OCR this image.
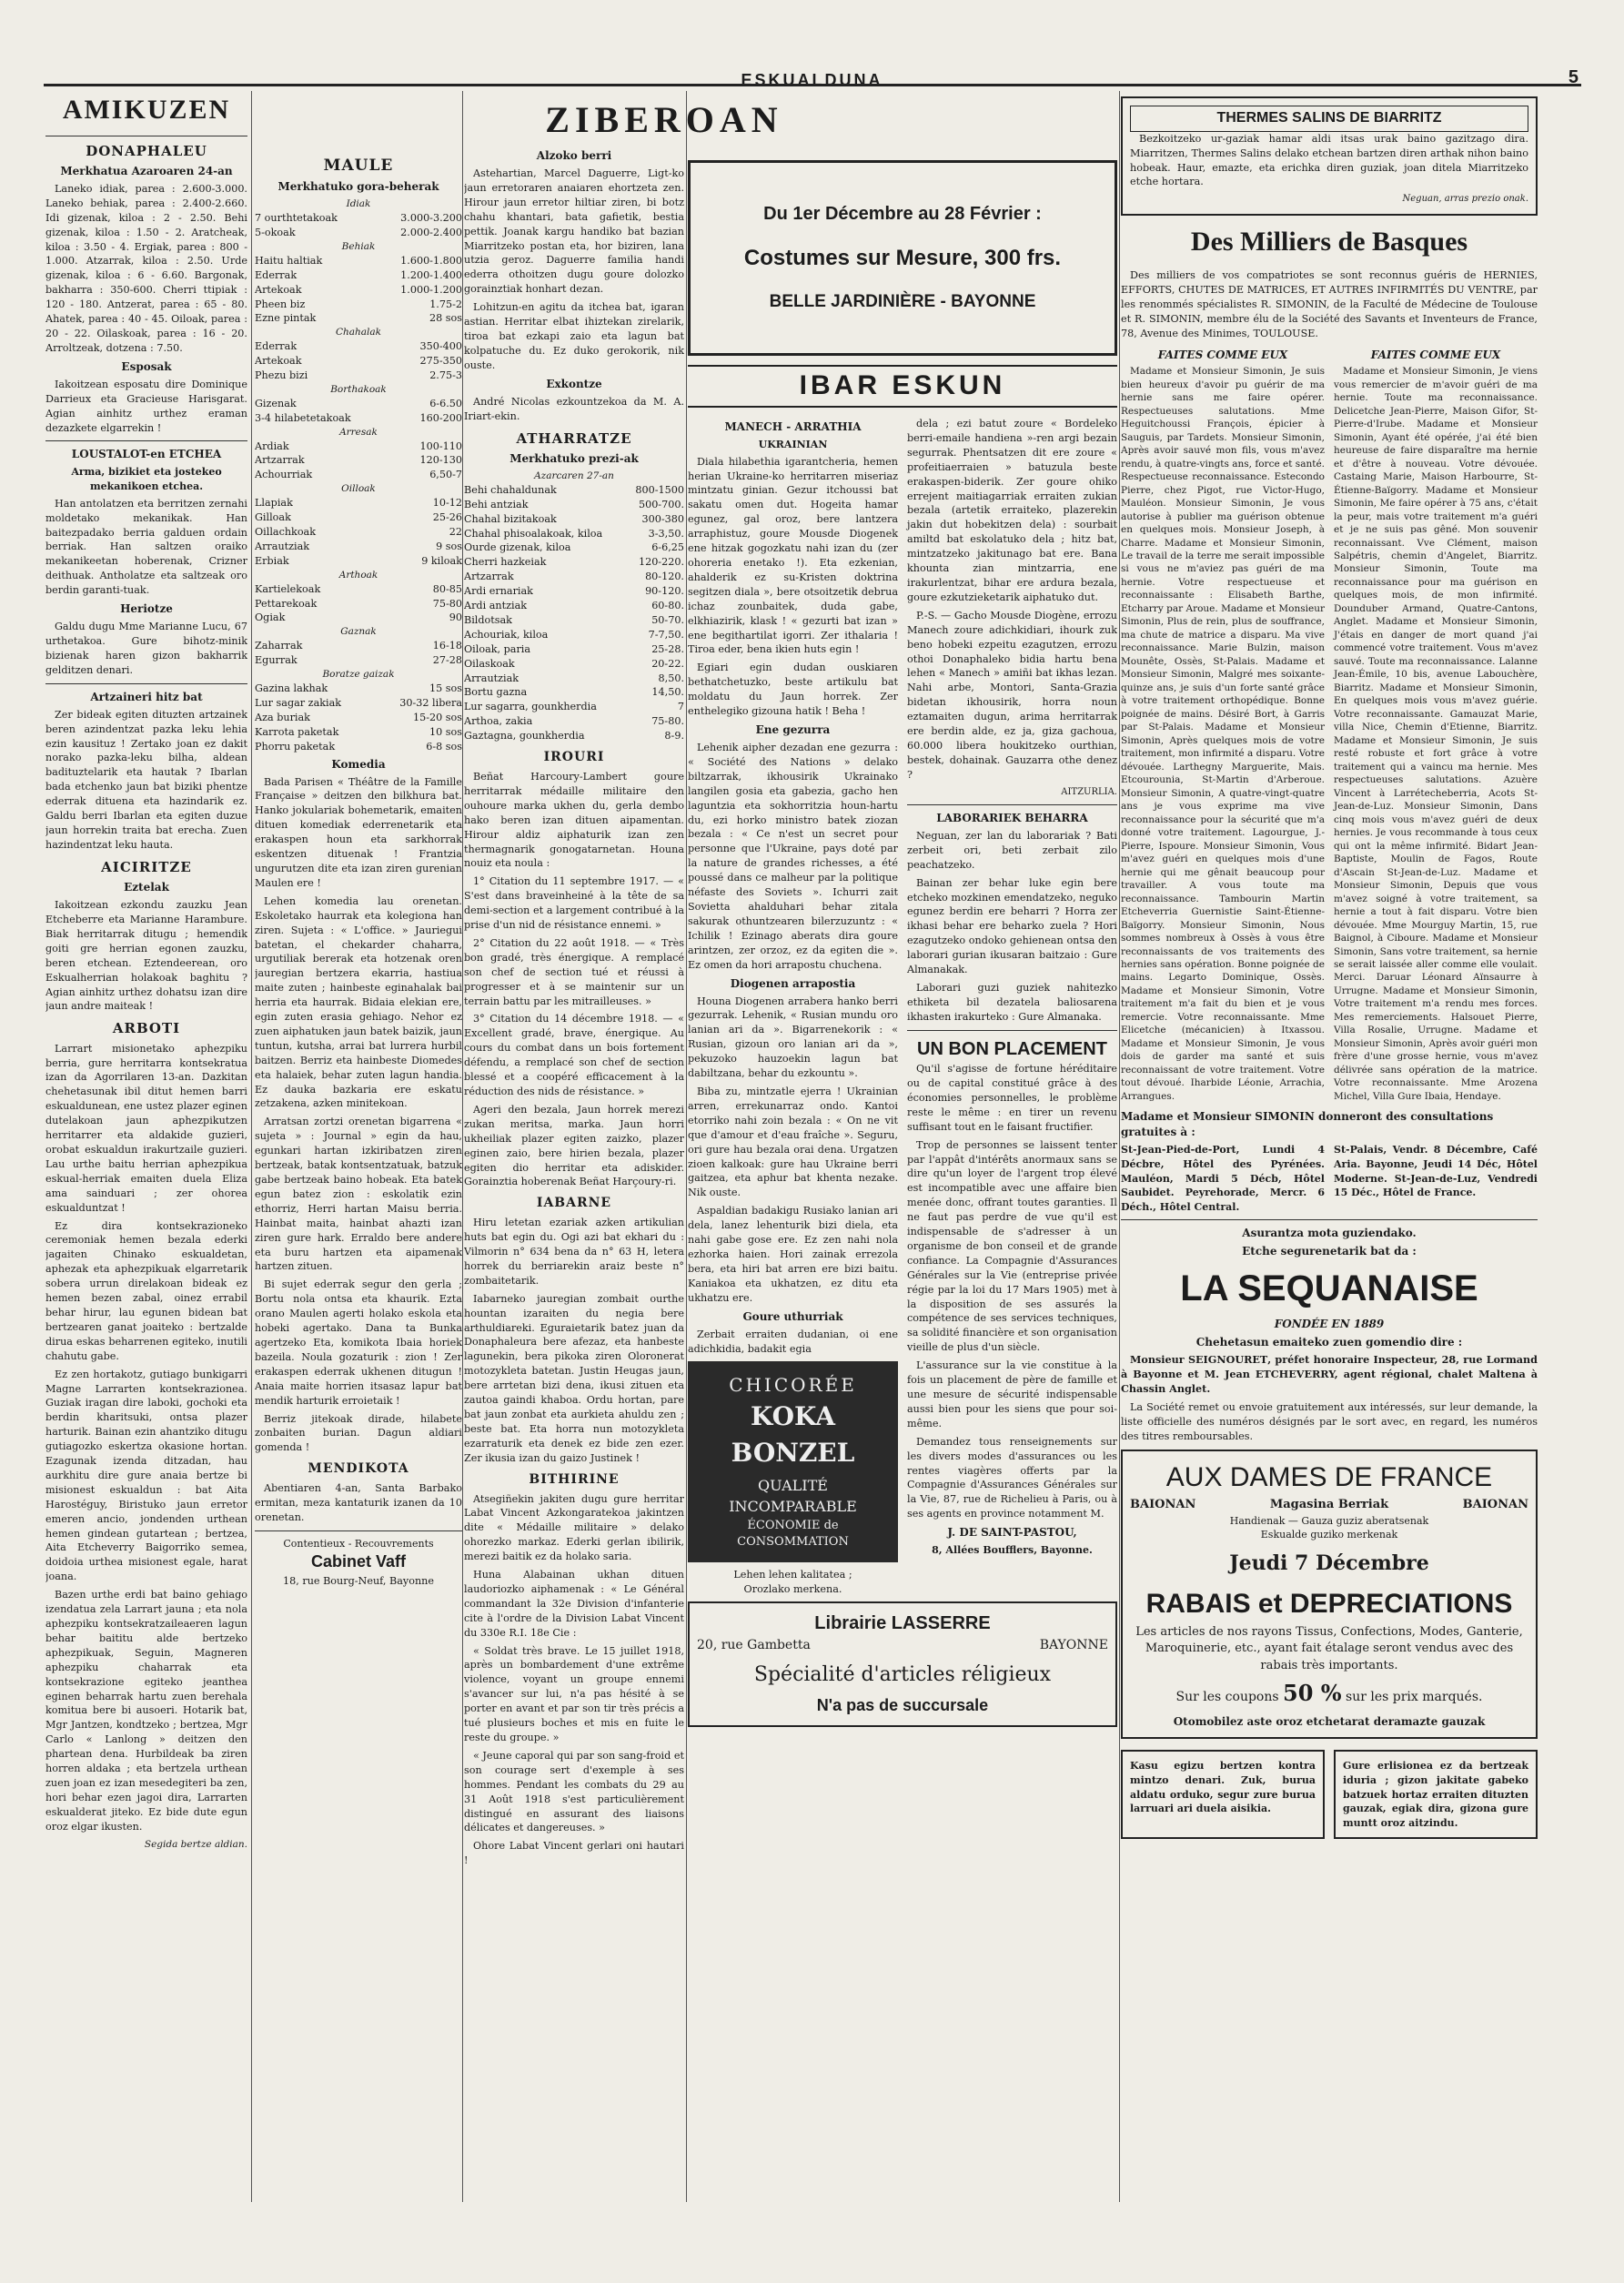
ESKUALDUNA	5
AMIKUZEN
DONAPHALEU
Merkhatua Azaroaren 24-an

Laneko idiak, parea : 2.600-3.000. Laneko behiak, parea : 2.400-2.660. Idi gizenak, kiloa : 2 - 2.50. Behi gizenak, kiloa : 1.50 - 2. Aratcheak, kiloa : 3.50 - 4. Ergiak, parea : 800 - 1.000. Atzarrak, kiloa : 2.50. Urde gizenak, kiloa : 6 - 6.60. Bargonak, bakharra : 350-600. Cherri ttipiak : 120 - 180. Antzerat, parea : 65 - 80. Ahatek, parea : 40 - 45. Oiloak, parea : 20 - 22. Oilaskoak, parea : 16 - 20. Arroltzeak, dotzena : 7.50.

Esposak

Iakoitzean esposatu dire Dominique Darrieux eta Gracieuse Harisgarat. Agian ainhitz urthez eraman dezazkete elgarrekin !

LOUSTALOT-en ETCHEA
Arma, bizikiet eta jostekeo mekanikoen etchea.

Han antolatzen eta berritzen zernahi moldetako mekanikak. Han baitezpadako berria galduen ordain berriak. Han saltzen oraiko mekanikeetan hoberenak, Crizner deithuak. Antholatze eta saltzeak oro berdin garanti-tuak.

Heriotze

Galdu dugu Mme Marianne Lucu, 67 urthetakoa. Gure bihotz-minik bizienak haren gizon bakharrik gelditzen denari.

Artzaineri hitz bat

Zer bideak egiten dituzten artzainek beren azindentzat pazka leku lehia ezin kausituz ! Zertako joan ez dakit norako pazka-leku bilha, aldean badituztelarik eta hautak ? Ibarlan bada etchenko jaun bat biziki phentze ederrak dituena eta hazindarik ez. Galdu berri Ibarlan eta egiten duzue jaun horrekin traita bat erecha. Zuen hazindentzat leku hauta.

AICIRITZE
Eztelak

Iakoitzean ezkondu zauzku Jean Etcheberre eta Marianne Harambure. Biak herritarrak ditugu ; hemendik goiti gre herrian egonen zauzku, beren etchean. Eztendeerean, oro Eskualherrian holakoak baghitu ? Agian ainhitz urthez dohatsu izan dire jaun andre maiteak !

ARBOTI

Larrart misionetako aphezpiku berria, gure herritarra kontsekratua izan da Agorrilaren 13-an. Dazkitan chehetasunak ibil ditut hemen barri eskualdunean, ene ustez plazer eginen dutelakoan jaun aphezpikutzen herritarrer eta aldakide guzieri, orobat eskualdun irakurtzaile guzieri. Lau urthe baitu herrian aphezpikua eskual-herriak emaiten duela Eliza ama sainduari ; zer ohorea eskualduntzat !

Ez dira kontsekrazioneko ceremoniak hemen bezala ederki jagaiten Chinako eskualdetan, aphezak eta aphezpikuak elgarretarik sobera urrun direlakoan bideak ez hemen bezen zabal, oinez errabil behar hirur, lau egunen bidean bat bertzearen ganat joaiteko : bertzalde dirua eskas beharrenen egiteko, inutili chahutu gabe.

Ez zen hortakotz, gutiago bunkigarri Magne Larrarten kontsekrazionea. Guziak iragan dire laboki, gochoki eta berdin kharitsuki, ontsa plazer harturik. Bainan ezin ahantziko ditugu gutiagozko eskertza okasione hortan. Ezagunak izenda ditzadan, hau aurkhitu dire gure anaia bertze bi misionest eskualdun : bat Aita Harostéguy, Biristuko jaun erretor emeren ancio, jondenden urthean hemen gindean gutartean ; bertzea, Aita Etcheverry Baigorriko semea, doidoia urthea misionest egale, harat joana.

Bazen urthe erdi bat baino gehiago izendatua zela Larrart jauna ; eta nola aphezpiku kontsekratzaileaeren lagun behar baititu alde bertzeko aphezpikuak, Seguin, Magneren aphezpiku chaharrak eta kontsekrazione egiteko jeanthea eginen beharrak hartu zuen berehala komitua bere bi ausoeri. Hotarik bat, Mgr Jantzen, kondtzeko ; bertzea, Mgr Carlo « Lanlong » deitzen den phartean dena. Hurbildeak ba ziren horren aldaka ; eta bertzela urthean zuen joan ez izan mesedegiteri ba zen, hori behar ezen jagoi dira, Larrarten eskualderat jiteko. Ez bide dute egun oroz elgar ikusten.

Segida bertze aldian.
MAULE
Merkhatuko gora-beherak
Idiak
7 ourthtetakoak	3.000-3.200
5-okoak	2.000-2.400
Behiak
Haitu haltiak	1.600-1.800
Ederrak	1.200-1.400
Artekoak	1.000-1.200
Pheen biz	1.75-2
Ezne pintak	28 sos
Chahalak
Ederrak	350-400
Artekoak	275-350
Phezu bizi	2.75-3
Borthakoak
Gizenak	6-6.50
3-4 hilabetetakoak	160-200
Arresak
Ardiak	100-110
Artzarrak	120-130
Achourriak	6,50-7
Oilloak
Llapiak	10-12
Gilloak	25-26
Oillachkoak	22
Arrautziak	9 sos
Erbiak	9 kiloak
Arthoak
Kartielekoak	80-85
Pettarekoak	75-80
Ogiak	90
Gaznak
Zaharrak	16-18
Egurrak	27-28
Boratze gaizak
Gazina lakhak	15 sos
Lur sagar zakiak	30-32 libera
Aza buriak	15-20 sos
Karrota paketak	10 sos
Phorru paketak	6-8 sos
Komedia

Bada Parisen « Théâtre de la Famille Française » deitzen den bilkhura bat. Hanko jokulariak bohemetarik, emaiten dituen komediak ederrenetarik eta erakaspen houn eta sarkhorrak eskentzen dituenak ! Frantzia ungurutzen dite eta izan ziren gurenian Maulen ere !

Lehen komedia lau orenetan. Eskoletako haurrak eta kolegiona han ziren. Sujeta : « L'office. » Jauriegui batetan, el chekarder chaharra, urgutiliak bererak eta hotzenak oren jauregian bertzera ekarria, hastiua maite zuten ; hainbeste eginahalak bai herria eta haurrak. Bidaia elekian ere, egin zuten erasia gehiago. Nehor ez zuen aiphatuken jaun batek baizik, jaun tuntun, kutsha, arrai bat lurrera hurbil baitzen. Berriz eta hainbeste Diomedes eta halaiek, behar zuten lagun handia. Ez dauka bazkaria ere eskatu zetzakena, azken minitekoan.

Arratsan zortzi orenetan bigarrena « sujeta » : Journal » egin da hau, egunkari hartan izkiribatzen ziren bertzeak, batak kontsentzatuak, batzuk gabe bertzeak baino hobeak. Eta batek egun batez zion : eskolatik ezin ethorriz, Herri hartan Maisu berria. Hainbat maita, hainbat ahazti izan ziren gure hark. Erraldo bere andere eta buru hartzen eta aipamenak hartzen zituen.

Bi sujet ederrak segur den gerla ; Bortu nola ontsa eta khaurik. Ezta orano Maulen agerti holako eskola eta hobeki agertako. Dana ta Bunka agertzeko Eta, komikota Ibaia horiek bazeila. Noula gozaturik : zion ! Zer erakaspen ederrak ukhenen ditugun ! Anaia maite horrien itsasaz lapur bat mendik harturik erroietaik !

Berriz jitekoak dirade, hilabete zonbaiten burian. Dagun aldiari gomenda !

MENDIKOTA

Abentiaren 4-an, Santa Barbako ermitan, meza kantaturik izanen da 10 orenetan.

Contentieux - Recouvrements
Cabinet Vaff
18, rue Bourg-Neuf, Bayonne
ZIBEROAN
Alzoko berri

Astehartian, Marcel Daguerre, Ligt-ko jaun erretoraren anaiaren ehortzeta zen. Hirour jaun erretor hiltiar ziren, bi botz chahu khantari, bata gafietik, bestia pettik. Joanak kargu handiko bat bazian Miarritzeko postan eta, hor biziren, lana utzia geroz. Daguerre familia handi ederra othoitzen dugu goure dolozko gorainztiak honhart dezan.

Lohitzun-en agitu da itchea bat, igaran astian. Herritar elbat ihiztekan zirelarik, tiroa bat ezkapi zaio eta lagun bat kolpatuche du. Ez duko gerokorik, nik ouste.

Exkontze

André Nicolas ezkountzekoa da M. A. Iriart-ekin.

ATHARRATZE
Merkhatuko prezi-ak
Azarcaren 27-an
Behi chahaldunak	800-1500
Behi antziak	500-700.
Chahal bizitakoak	300-380
Chahal phisoalakoak, kiloa	3-3,50.
Ourde gizenak, kiloa	6-6,25
Cherri hazkeiak	120-220.
Artzarrak	80-120.
Ardi ernariak	90-120.
Ardi antziak	60-80.
Bildotsak	50-70.
Achouriak, kiloa	7-7,50.
Oiloak, paria	25-28.
Oilaskoak	20-22.
Arrautziak	8,50.
Bortu gazna	14,50.
Lur sagarra, gounkherdia	7
Arthoa, zakia	75-80.
Gaztagna, gounkherdia	8-9.
IROURI

Beñat Harcoury-Lambert goure herritarrak médaille militaire den ouhoure marka ukhen du, gerla dembo hako beren izan dituen aipamentan. Hirour aldiz aiphaturik izan zen thermagnarik gonogatarnetan. Houna nouiz eta noula :

1° Citation du 11 septembre 1917. — « S'est dans braveinheiné à la tête de sa demi-section et a largement contribué à la prise d'un nid de résistance ennemi. »

2° Citation du 22 août 1918. — « Très bon gradé, très énergique. A remplacé son chef de section tué et réussi à progresser et à se maintenir sur un terrain battu par les mitrailleuses. »

3° Citation du 14 décembre 1918. — « Excellent gradé, brave, énergique. Au cours du combat dans un bois fortement défendu, a remplacé son chef de section blessé et a coopéré efficacement à la réduction des nids de résistance. »

Ageri den bezala, Jaun horrek merezi zukan meritsa, marka. Jaun horri ukheiliak plazer egiten zaizko, plazer eginen zaio, bere hirien bezala, plazer egiten dio herritar eta adiskider. Gorainztia hoberenak Beñat Harçoury-ri.

IABARNE

Hiru letetan ezariak azken artikulian huts bat egin du. Ogi azi bat ekhari du : Vilmorin n° 634 bena da n° 63 H, letera horrek du berriarekin araiz beste n° zombaitetarik.

Iabarneko jauregian zombait ourthe hountan izaraiten du negia bere arthuldiareki. Eguraietarik batez juan da Donaphaleura bere afezaz, eta hanbeste lagunekin, bera pikoka ziren Oloronerat motozykleta batetan. Justin Heugas jaun, bere arrtetan bizi dena, ikusi zituen eta zautoa gaindi khaboa. Ordu hortan, pare bat jaun zonbat eta aurkieta ahuldu zen ; beste bat. Eta horra nun motozykleta ezarraturik eta denek ez bide zen ezer. Zer ikusia izan du gaizo Justinek !

BITHIRINE

Atsegiñekin jakiten dugu gure herritar Labat Vincent Azkongaratekoa jakintzen dite « Médaille militaire » delako ohorezko markaz. Ederki gerlan ibilirik, merezi baitik ez da holako saria.

Huna Alabainan ukhan dituen laudoriozko aiphamenak : « Le Général commandant la 32e Division d'infanterie cite à l'ordre de la Division Labat Vincent du 330e R.I. 18e Cie :

« Soldat très brave. Le 15 juillet 1918, après un bombardement d'une extrême violence, voyant un groupe ennemi s'avancer sur lui, n'a pas hésité à se porter en avant et par son tir très précis a tué plusieurs boches et mis en fuite le reste du groupe. »

« Jeune caporal qui par son sang-froid et son courage sert d'exemple à ses hommes. Pendant les combats du 29 au 31 Août 1918 s'est particulièrement distingué en assurant des liaisons délicates et dangereuses. »

Ohore Labat Vincent gerlari oni hautari !

Du 1er Décembre au 28 Février :
Costumes sur Mesure, 300 frs.
BELLE JARDINIÈRE - BAYONNE
IBAR ESKUN
MANECH - ARRATHIA
UKRAINIAN

Diala hilabethia igarantcheria, hemen herian Ukraine-ko herritarren miseriaz mintzatu ginian. Gezur itchoussi bat sakatu omen dut. Hogeita hamar egunez, gal oroz, bere lantzera arraphistuz, goure Mousde Diogenek ene hitzak gogozkatu nahi izan du (zer ohoreria enetako !). Eta ezkenian, ahalderik ez su-Kristen doktrina segitzen diala », bere otsoitzetik debrua ichaz zounbaitek, duda gabe, elkhiazirik, klask ! « gezurti bat izan » ene begithartilat igorri. Zer ithalaria ! Tiroa eder, bena ikien huts egin !

Egiari egin dudan ouskiaren bethatchetuzko, beste artikulu bat moldatu du Jaun horrek. Zer enthelegiko gizouna hatik ! Beha !

Ene gezurra

Lehenik aipher dezadan ene gezurra : « Société des Nations » delako biltzarrak, ikhousirik Ukrainako langilen gosia eta gabezia, gacho hen laguntzia eta sokhorritzia houn-hartu du, ezi horko ministro batek ziozan bezala : « Ce n'est un secret pour personne que l'Ukraine, pays doté par la nature de grandes richesses, a été poussé dans ce malheur par la politique néfaste des Soviets ». Ichurri zait Sovietta ahalduhari behar zitala sakurak othuntzearen bilerzuzuntz : « Ichilik ! Ezinago aberats dira goure arintzen, zer orzoz, ez da egiten die ». Ez omen da hori arrapostu chuchena.

Diogenen arrapostia

Houna Diogenen arrabera hanko berri gezurrak. Lehenik, « Rusian mundu oro lanian ari da ». Bigarrenekorik : « Rusian, gizoun oro lanian ari da », pekuzoko hauzoekin lagun bat dabiltzana, behar du ezkountu ».

Biba zu, mintzatle ejerra ! Ukrainian arren, errekunarraz ondo. Kantoi etorriko nahi zoin bezala : « On ne vit que d'amour et d'eau fraîche ». Seguru, ori gure hau bezala orai dena. Urgatzen zioen kalkoak: gure hau Ukraine berri gaitzea, eta aphur bat khenta nezake. Nik ouste.

Aspaldian badakigu Rusiako lanian ari dela, lanez lehenturik bizi diela, eta nahi gabe gose ere. Ez zen nahi nola ezhorka haien. Hori zainak errezola bera, eta hiri bat arren ere bizi baitu. Kaniakoa eta ukhatzen, ez ditu eta ukhatzu ere.

Goure uthurriak

Zerbait erraiten dudanian, oi ene adichkidia, badakit egia

CHICORÉE
KOKA BONZEL
QUALITÉ INCOMPARABLE
ÉCONOMIE de CONSOMMATION
Lehen lehen kalitatea ;
Orozlako merkena.

dela ; ezi batut zoure « Bordeleko berri-emaile handiena »-ren argi bezain segurrak. Phentsatzen dit ere zoure « profeitiaerraien » batuzula beste erakaspen-biderik. Zer goure ohiko errejent maitiagarriak erraiten zukian bezala (artetik erraiteko, plazerekin jakin dut hobekitzen dela) : sourbait amiltd bat eskolatuko dela ; hitz bat, mintzatzeko jakitunago bat ere. Bana khounta zian mintzarria, ene irakurlentzat, bihar ere ardura bezala, goure ezkutzieketarik aiphatuko dut.

P.-S. — Gacho Mousde Diogène, errozu Manech zoure adichkidiari, ihourk zuk beno hobeki ezpeitu ezagutzen, errozu othoi Donaphaleko bidia hartu bena lehen « Manech » amiñi bat ikhas lezan. Nahi arbe, Montori, Santa-Grazia bidetan ikhousirik, horra noun eztamaiten dugun, arima herritarrak ere berdin alde, ez ja, giza gachoua, 60.000 libera houkitzeko ourthian, bestek, dohainak. Gauzarra othe denez ?

AITZURLIA.
LABORARIEK BEHARRA

Neguan, zer lan du laborariak ? Bati zerbeit ori, beti zerbait zilo peachatzeko.

Bainan zer behar luke egin bere etcheko mozkinen emendatzeko, neguko egunez berdin ere beharri ? Horra zer ikhasi behar ere beharko zuela ? Hori ezagutzeko ondoko gehienean ontsa den laborari gurian ikusaran baitzaio : Gure Almanakak.

Laborari guzi guziek nahitezko ethiketa bil dezatela baliosarena ikhasten irakurteko : Gure Almanaka.

UN BON PLACEMENT

Qu'il s'agisse de fortune héréditaire ou de capital constitué grâce à des économies personnelles, le problème reste le même : en tirer un revenu suffisant tout en le faisant fructifier.

Trop de personnes se laissent tenter par l'appât d'intérêts anormaux sans se dire qu'un loyer de l'argent trop élevé est incompatible avec une affaire bien menée donc, offrant toutes garanties. Il ne faut pas perdre de vue qu'il est indispensable de s'adresser à un organisme de bon conseil et de grande confiance. La Compagnie d'Assurances Générales sur la Vie (entreprise privée régie par la loi du 17 Mars 1905) met à la disposition de ses assurés la compétence de ses services techniques, sa solidité financière et son organisation vieille de plus d'un siècle.

L'assurance sur la vie constitue à la fois un placement de père de famille et une mesure de sécurité indispensable aussi bien pour les siens que pour soi-même.

Demandez tous renseignements sur les divers modes d'assurances ou les rentes viagères offerts par la Compagnie d'Assurances Générales sur la Vie, 87, rue de Richelieu à Paris, ou à ses agents en province notamment M.

J. DE SAINT-PASTOU,
8, Allées Boufflers, Bayonne.
Librairie LASSERRE
20, rue Gambetta	BAYONNE
Spécialité d'articles réligieux
N'a pas de succursale
THERMES SALINS DE BIARRITZ

Bezkoitzeko ur-gaziak hamar aldi itsas urak baino gazitzago dira. Miarritzen, Thermes Salins delako etchean bartzen diren arthak nihon baino hobeak. Haur, emazte, eta erichka diren guziak, joan ditela Miarritzeko etche hortara.

Neguan, arras prezio onak.
Des Milliers de Basques

Des milliers de vos compatriotes se sont reconnus guéris de HERNIES, EFFORTS, CHUTES DE MATRICES, ET AUTRES INFIRMITÉS DU VENTRE, par les renommés spécialistes R. SIMONIN, de la Faculté de Médecine de Toulouse et R. SIMONIN, membre élu de la Société des Savants et Inventeurs de France, 78, Avenue des Minimes, TOULOUSE.

FAITES COMME EUX

Madame et Monsieur Simonin, Je suis bien heureux d'avoir pu guérir de ma hernie sans me faire opérer. Respectueuses salutations. Mme Heguitchoussi François, épicier à Sauguis, par Tardets. Monsieur Simonin, Après avoir sauvé mon fils, vous m'avez rendu, à quatre-vingts ans, force et santé. Respectueuse reconnaissance. Estecondo Pierre, chez Pigot, rue Victor-Hugo, Mauléon. Monsieur Simonin, Je vous autorise à publier ma guérison obtenue en quelques mois. Monsieur Joseph, à Charre. Madame et Monsieur Simonin, Le travail de la terre me serait impossible si vous ne m'aviez pas guéri de ma hernie. Votre respectueuse et reconnaissante : Elisabeth Barthe, Etcharry par Aroue. Madame et Monsieur Simonin, Plus de rein, plus de souffrance, ma chute de matrice a disparu. Ma vive reconnaissance. Marie Bulzin, maison Mounête, Ossès, St-Palais. Madame et Monsieur Simonin, Malgré mes soixante-quinze ans, je suis d'un forte santé grâce à votre traitement orthopédique. Bonne poignée de mains. Désiré Bort, à Garris par St-Palais. Madame et Monsieur Simonin, Après quelques mois de votre traitement, mon infirmité a disparu. Votre dévouée. Larthegny Marguerite, Mais. Etcourounia, St-Martin d'Arberoue. Monsieur Simonin, A quatre-vingt-quatre ans je vous exprime ma vive reconnaissance pour la sécurité que m'a donné votre traitement. Lagourgue, J.-Pierre, Ispoure. Monsieur Simonin, Vous m'avez guéri en quelques mois d'une hernie qui me gênait beaucoup pour travailler. A vous toute ma reconnaissance. Tambourin Martin Etcheverria Guernistie Saint-Étienne-Baïgorry. Monsieur Simonin, Nous sommes nombreux à Ossès à vous être reconnaissants de vos traitements des hernies sans opération. Bonne poignée de mains. Legarto Dominique, Ossès. Madame et Monsieur Simonin, Votre traitement m'a fait du bien et je vous remercie. Votre reconnaissante. Mme Elicetche (mécanicien) à Itxassou. Madame et Monsieur Simonin, Je vous dois de garder ma santé et suis reconnaissant de votre traitement. Votre tout dévoué. Iharbide Léonie, Arrachia, Arrangues.

FAITES COMME EUX

Madame et Monsieur Simonin, Je viens vous remercier de m'avoir guéri de ma hernie. Toute ma reconnaissance. Delicetche Jean-Pierre, Maison Gifor, St-Pierre-d'Irube. Madame et Monsieur Simonin, Ayant été opérée, j'ai été bien heureuse de faire disparaître ma hernie et d'être à nouveau. Votre dévouée. Castaing Marie, Maison Harbourre, St-Étienne-Baïgorry. Madame et Monsieur Simonin, Me faire opérer à 75 ans, c'était la peur, mais votre traitement m'a guéri et je ne suis pas gêné. Mon souvenir reconnaissant. Vve Clément, maison Salpétris, chemin d'Angelet, Biarritz. Monsieur Simonin, Toute ma reconnaissance pour ma guérison en quelques mois, de mon infirmité. Dounduber Armand, Quatre-Cantons, Anglet. Madame et Monsieur Simonin, J'étais en danger de mort quand j'ai commencé votre traitement. Vous m'avez sauvé. Toute ma reconnaissance. Lalanne Jean-Émile, 10 bis, avenue Labouchère, Biarritz. Madame et Monsieur Simonin, En quelques mois vous m'avez guérie. Votre reconnaissante. Gamauzat Marie, villa Nice, Chemin d'Etienne, Biarritz. Madame et Monsieur Simonin, Je suis resté robuste et fort grâce à votre traitement qui a vaincu ma hernie. Mes respectueuses salutations. Azuère Vincent à Larrétecheberria, Acots St-Jean-de-Luz. Monsieur Simonin, Dans cinq mois vous m'avez guéri de deux hernies. Je vous recommande à tous ceux qui ont la même infirmité. Bidart Jean-Baptiste, Moulin de Fagos, Route d'Ascain St-Jean-de-Luz. Madame et Monsieur Simonin, Depuis que vous m'avez soigné à votre traitement, sa hernie a tout à fait disparu. Votre bien dévouée. Mme Mourguy Martin, 15, rue Baignol, à Ciboure. Madame et Monsieur Simonin, Sans votre traitement, sa hernie se serait laissée aller comme elle voulait. Merci. Daruar Léonard Aïnsaurre à Urrugne. Madame et Monsieur Simonin, Votre traitement m'a rendu mes forces. Mes remerciements. Halsouet Pierre, Villa Rosalie, Urrugne. Madame et Monsieur Simonin, Après avoir guéri mon frère d'une grosse hernie, vous m'avez délivrée sans opération de la matrice. Votre reconnaissante. Mme Arozena Michel, Villa Gure Ibaia, Hendaye.

Madame et Monsieur SIMONIN donneront des consultations gratuites à :
St-Jean-Pied-de-Port, Lundi 4 Décbre, Hôtel des Pyrénées. Mauléon, Mardi 5 Décb, Hôtel Saubidet. Peyrehorade, Mercr. 6 Déch., Hôtel Central.
St-Palais, Vendr. 8 Décembre, Café Aria. Bayonne, Jeudi 14 Déc, Hôtel Moderne. St-Jean-de-Luz, Vendredi 15 Déc., Hôtel de France.
Asurantza mota guziendako.
Etche segurenetarik bat da :
LA SEQUANAISE
FONDÉE EN 1889
Chehetasun emaiteko zuen gomendio dire :

Monsieur SEIGNOUREТ, préfet honoraire Inspecteur, 28, rue Lormand à Bayonne et M. Jean ETCHEVERRY, agent régional, chalet Maltena à Chassin Anglet.

La Société remet ou envoie gratuitement aux intéressés, sur leur demande, la liste officielle des numéros désignés par le sort avec, en regard, les numéros des titres remboursables.

AUX DAMES DE FRANCE
BAIONAN	Magasina Berriak	BAIONAN
Handienak — Gauza guziz aberatsenak
Eskualde guziko merkenak
Jeudi 7 Décembre
RABAIS et DEPRECIATIONS

Les articles de nos rayons Tissus, Confections, Modes, Ganterie, Maroquinerie, etc., ayant fait étalage seront vendus avec des rabais très importants.

Sur les coupons 50 % sur les prix marqués.
Otomobilez aste oroz etchetarat deramazte gauzak
Kasu egizu bertzen kontra mintzo denari. Zuk, burua aldatu orduko, segur zure burua larruari ari duela aisikia.
Gure erlisionea ez da bertzeak iduria ; gizon jakitate gabeko batzuek hortaz erraiten dituzten gauzak, egiak dira, gizona gure muntt oroz aitzindu.
